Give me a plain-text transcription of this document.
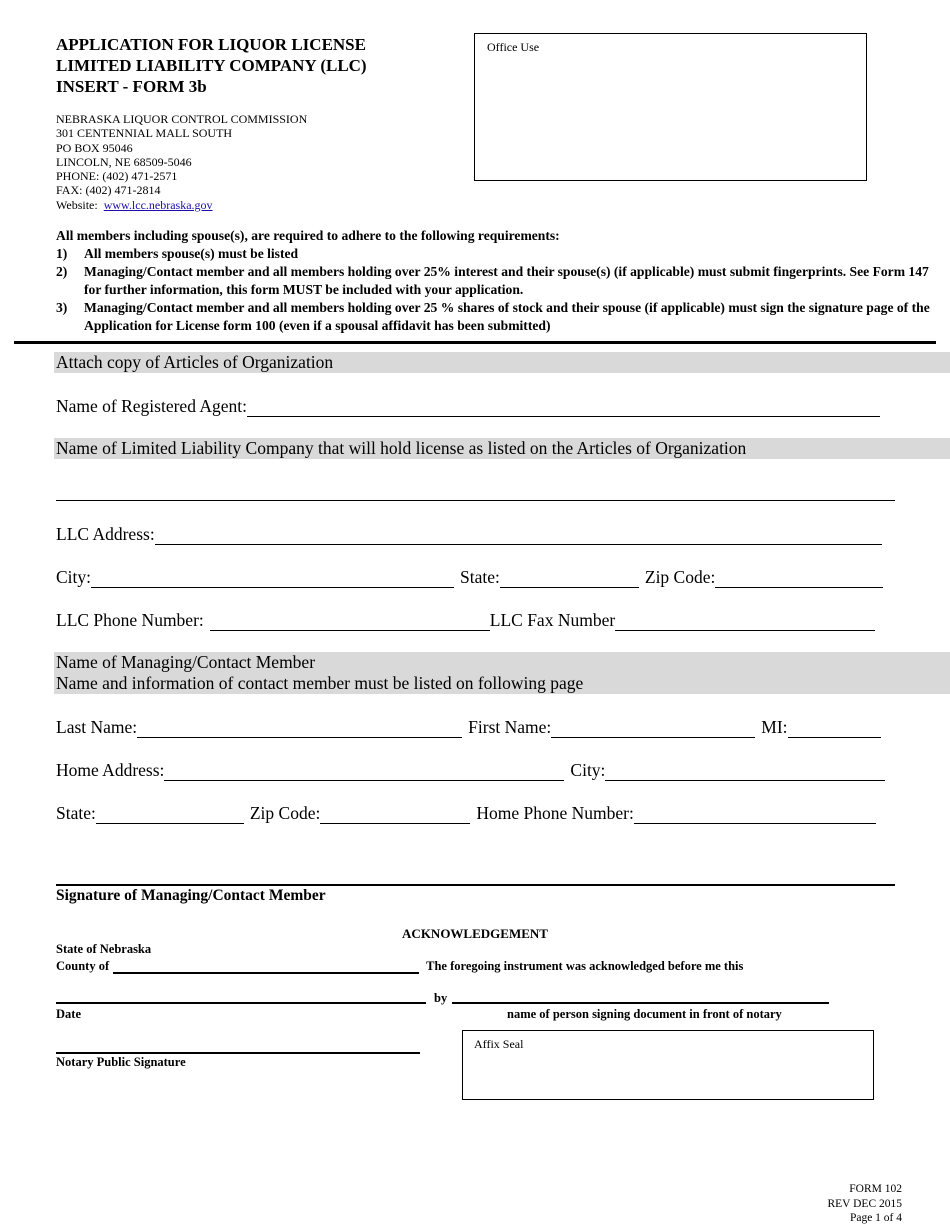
APPLICATION FOR LIQUOR LICENSE
LIMITED LIABILITY COMPANY (LLC)
INSERT - FORM 3b
NEBRASKA LIQUOR CONTROL COMMISSION
301 CENTENNIAL MALL SOUTH
PO BOX 95046
LINCOLN, NE 68509-5046
PHONE: (402) 471-2571
FAX: (402) 471-2814
Website: www.lcc.nebraska.gov
Office Use
All members including spouse(s), are required to adhere to the following requirements:
1)	All members spouse(s) must be listed
2)	Managing/Contact member and all members holding over 25% interest and their spouse(s) (if applicable) must submit fingerprints. See Form 147 for further information, this form MUST be included with your application.
3)	Managing/Contact member and all members holding over 25 % shares of stock and their spouse (if applicable) must sign the signature page of the Application for License form 100 (even if a spousal affidavit has been submitted)
Attach copy of Articles of Organization
Name of Registered Agent:
Name of Limited Liability Company that will hold license as listed on the Articles of Organization
LLC Address:
City:	State:	Zip Code:
LLC Phone Number:	LLC Fax Number
Name of Managing/Contact Member
Name and information of contact member must be listed on following page
Last Name:	First Name:	MI:
Home Address:	City:
State:	Zip Code:	Home Phone Number:
Signature of Managing/Contact Member
ACKNOWLEDGEMENT
State of Nebraska
County of	The foregoing instrument was acknowledged before me this
by
Date	name of person signing document in front of notary
Notary Public Signature
Affix Seal
FORM 102
REV DEC 2015
Page 1 of 4
